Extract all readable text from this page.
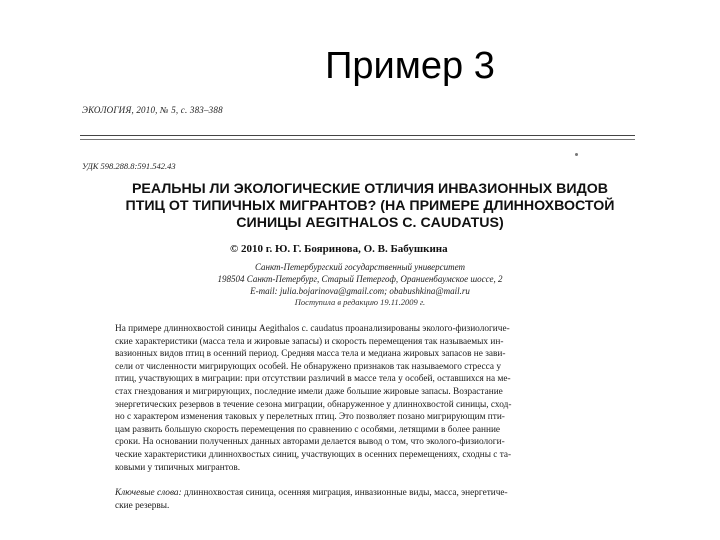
Пример 3
ЭКОЛОГИЯ, 2010, № 5, с. 383–388
УДК 598.288.8:591.542.43
РЕАЛЬНЫ ЛИ ЭКОЛОГИЧЕСКИЕ ОТЛИЧИЯ ИНВАЗИОННЫХ ВИДОВ
ПТИЦ ОТ ТИПИЧНЫХ МИГРАНТОВ? (НА ПРИМЕРЕ ДЛИННОХВОСТОЙ
СИНИЦЫ AEGITHALOS C. CAUDATUS)
© 2010 г. Ю. Г. Бояринова, О. В. Бабушкина
Санкт-Петербургский государственный университет
198504 Санкт-Петербург, Старый Петергоф, Ораниенбаумское шоссе, 2
E-mail: julia.bojarinova@gmail.com; obabushkina@mail.ru
Поступила в редакцию 19.11.2009 г.
На примере длиннохвостой синицы Aegithalos c. caudatus проанализированы эколого-физиологиче-
ские характеристики (масса тела и жировые запасы) и скорость перемещения так называемых ин-
вазионных видов птиц в осенний период. Средняя масса тела и медиана жировых запасов не зави-
сели от численности мигрирующих особей. Не обнаружено признаков так называемого стресса у
птиц, участвующих в миграции: при отсутствии различий в массе тела у особей, оставшихся на ме-
стах гнездования и мигрирующих, последние имели даже большие жировые запасы. Возрастание
энергетических резервов в течение сезона миграции, обнаруженное у длиннохвостой синицы, сход-
но с характером изменения таковых у перелетных птиц. Это позволяет позано мигрирующим пти-
цам развить большую скорость перемещения по сравнению с особями, летящими в более ранние
сроки. На основании полученных данных авторами делается вывод о том, что эколого-физиологи-
ческие характеристики длиннохвостых синиц, участвующих в осенних перемещениях, сходны с та-
ковыми у типичных мигрантов.
Ключевые слова: длиннохвостая синица, осенняя миграция, инвазионные виды, масса, энергетиче-
ские резервы.
